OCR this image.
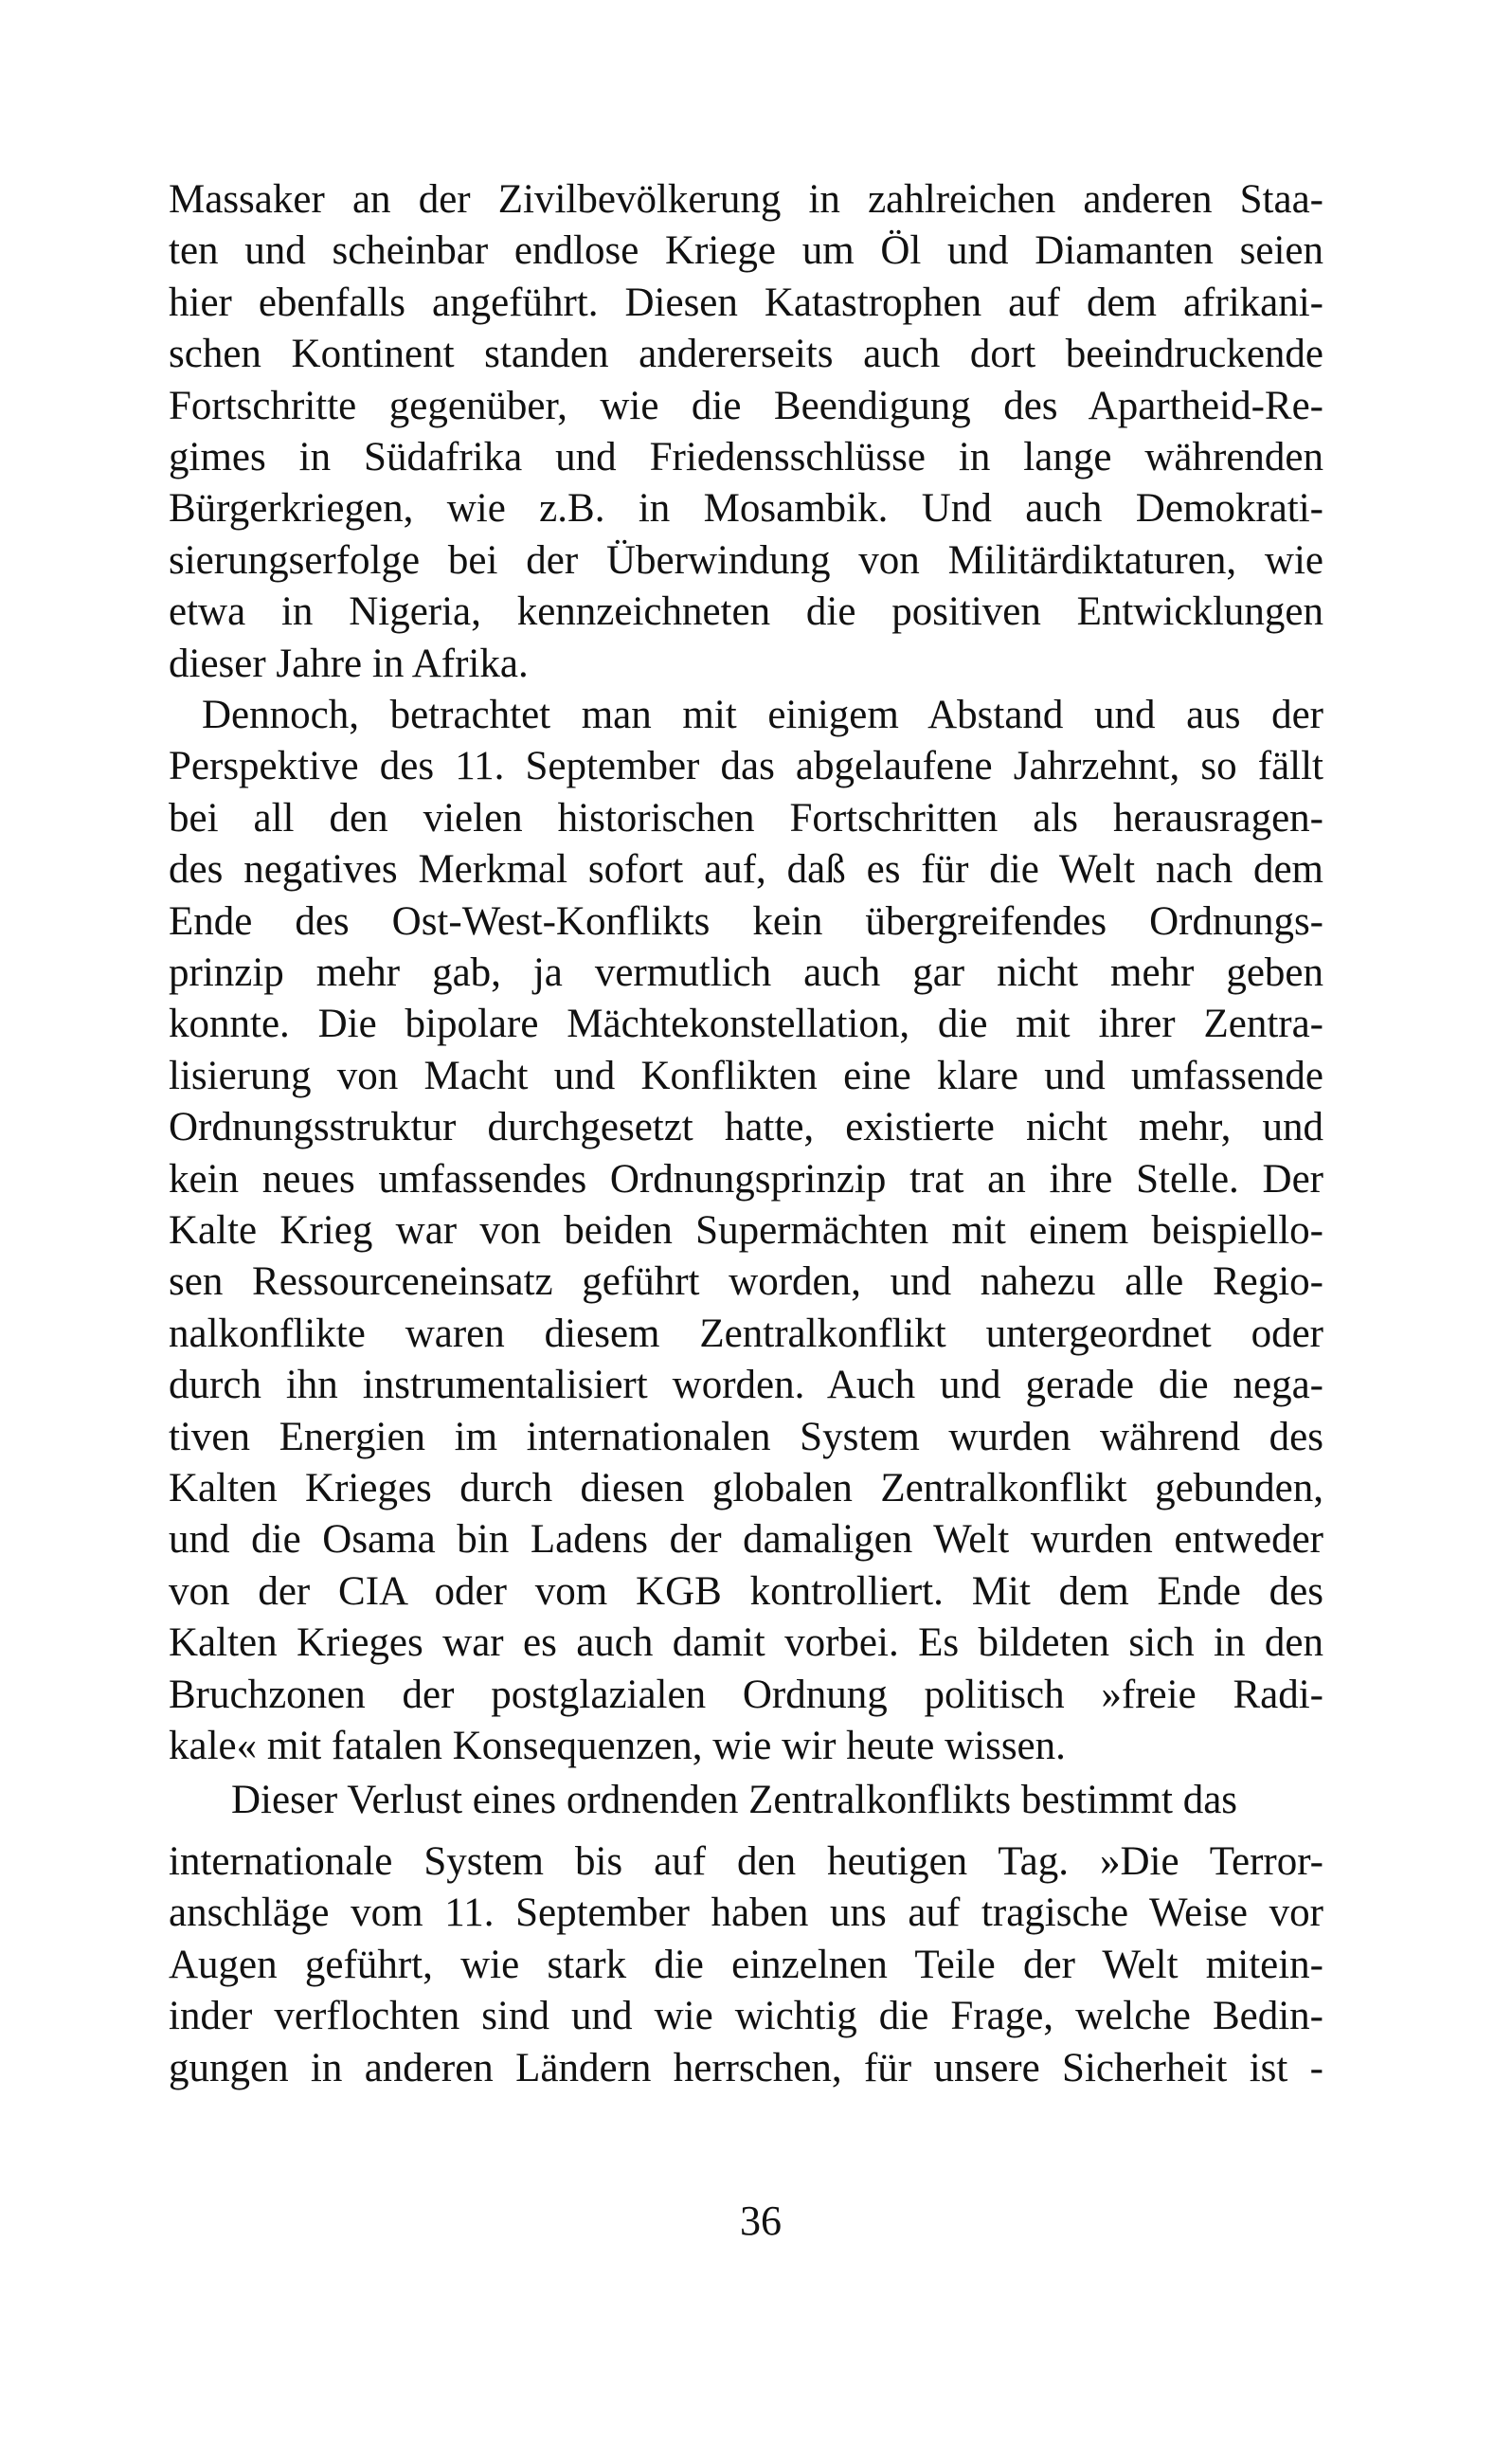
Massaker an der Zivilbevölkerung in zahlreichen anderen Staa-
ten und scheinbar endlose Kriege um Öl und Diamanten seien
hier ebenfalls angeführt. Diesen Katastrophen auf dem afrikani-
schen Kontinent standen andererseits auch dort beeindruckende
Fortschritte gegenüber, wie die Beendigung des Apartheid-Re-
gimes in Südafrika und Friedensschlüsse in lange währenden
Bürgerkriegen, wie z.B. in Mosambik. Und auch Demokrati-
sierungserfolge bei der Überwindung von Militärdiktaturen, wie
etwa in Nigeria, kennzeichneten die positiven Entwicklungen
dieser Jahre in Afrika.
Dennoch, betrachtet man mit einigem Abstand und aus der
Perspektive des 11. September das abgelaufene Jahrzehnt, so fällt
bei all den vielen historischen Fortschritten als herausragen-
des negatives Merkmal sofort auf, daß es für die Welt nach dem
Ende des Ost-West-Konflikts kein übergreifendes Ordnungs-
prinzip mehr gab, ja vermutlich auch gar nicht mehr geben
konnte. Die bipolare Mächtekonstellation, die mit ihrer Zentra-
lisierung von Macht und Konflikten eine klare und umfassende
Ordnungsstruktur durchgesetzt hatte, existierte nicht mehr, und
kein neues umfassendes Ordnungsprinzip trat an ihre Stelle. Der
Kalte Krieg war von beiden Supermächten mit einem beispiello-
sen Ressourceneinsatz geführt worden, und nahezu alle Regio-
nalkonflikte waren diesem Zentralkonflikt untergeordnet oder
durch ihn instrumentalisiert worden. Auch und gerade die nega-
tiven Energien im internationalen System wurden während des
Kalten Krieges durch diesen globalen Zentralkonflikt gebunden,
und die Osama bin Ladens der damaligen Welt wurden entweder
von der CIA oder vom KGB kontrolliert. Mit dem Ende des
Kalten Krieges war es auch damit vorbei. Es bildeten sich in den
Bruchzonen der postglazialen Ordnung politisch »freie Radi-
kale« mit fatalen Konsequenzen, wie wir heute wissen.
Dieser Verlust eines ordnenden Zentralkonflikts bestimmt das
internationale System bis auf den heutigen Tag. »Die Terror-
anschläge vom 11. September haben uns auf tragische Weise vor
Augen geführt, wie stark die einzelnen Teile der Welt mitein-
inder verflochten sind und wie wichtig die Frage, welche Bedin-
gungen in anderen Ländern herrschen, für unsere Sicherheit ist -
36
